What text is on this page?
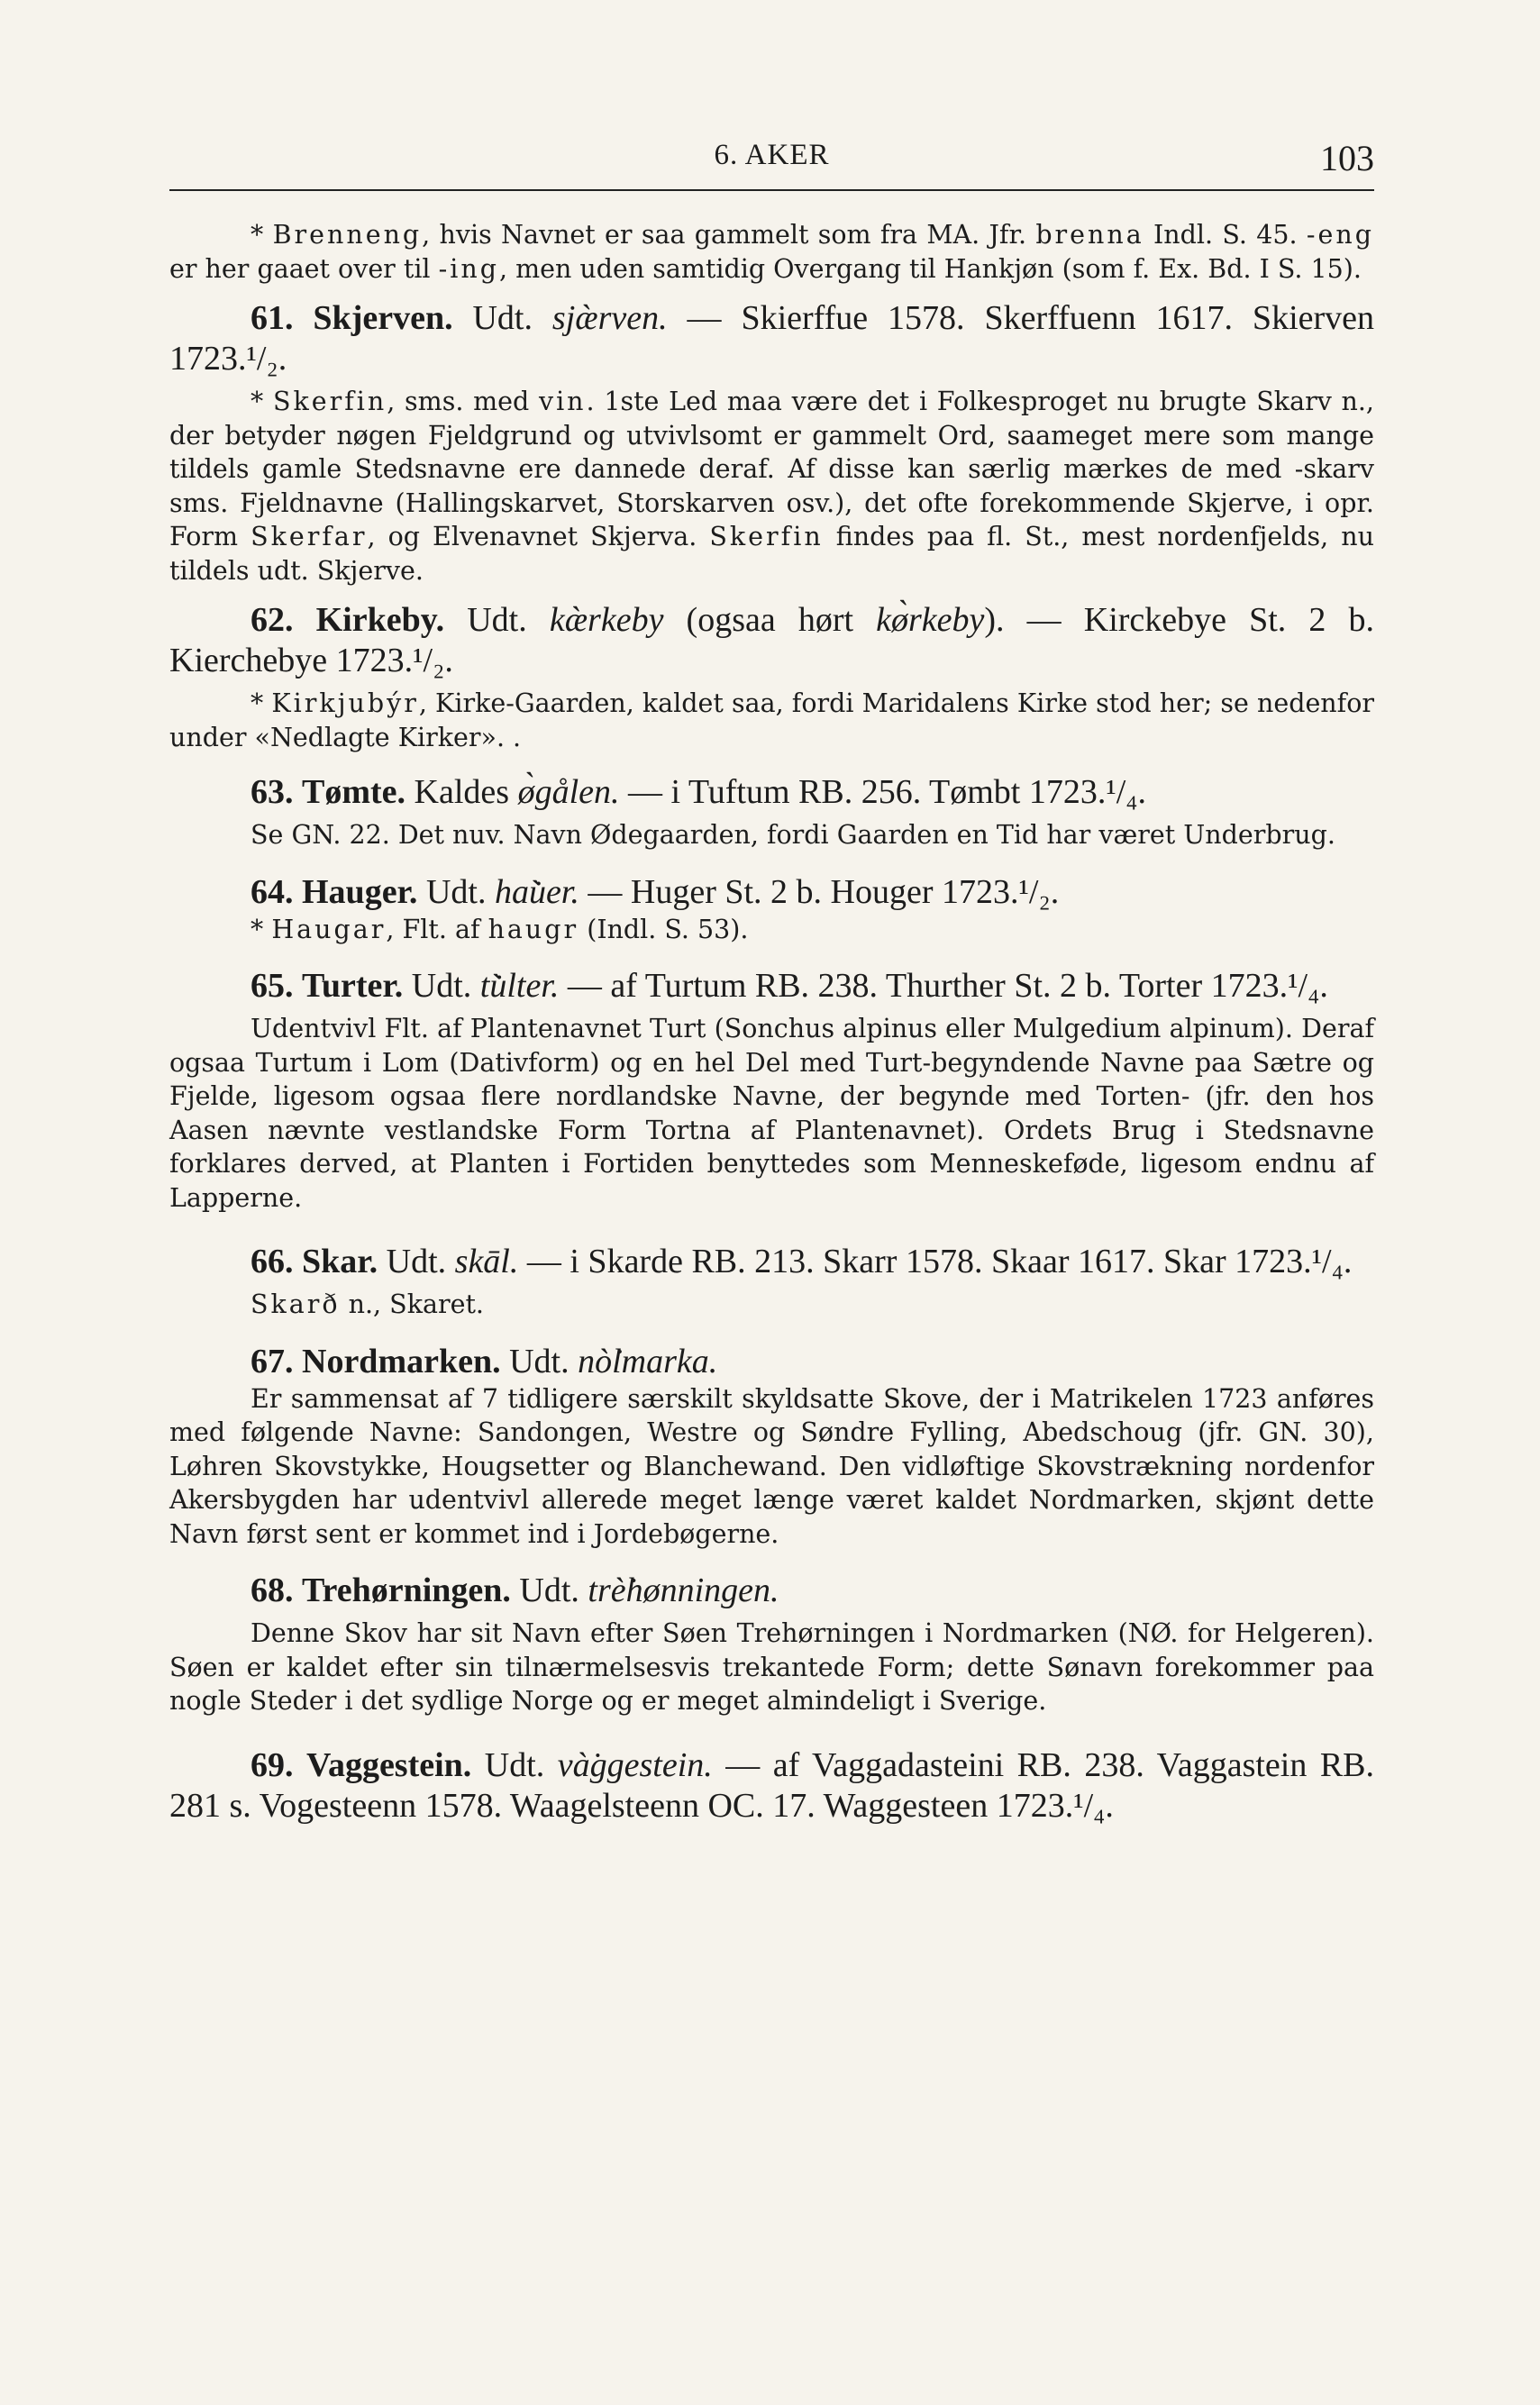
6. AKER	103

* Brenneng, hvis Navnet er saa gammelt som fra MA. Jfr. brenna Indl. S. 45. -eng er her gaaet over til -ing, men uden samtidig Overgang til Hankjøn (som f. Ex. Bd. I S. 15).

61. Skjerven. Udt. sjæ̀rven. — Skierffue 1578. Skerffuenn 1617. Skierven 1723.¹/₂.

* Skerfin, sms. med vin. 1ste Led maa være det i Folkesproget nu brugte Skarv n., der betyder nøgen Fjeldgrund og utvivlsomt er gammelt Ord, saameget mere som mange tildels gamle Stedsnavne ere dannede deraf. Af disse kan særlig mærkes de med -skarv sms. Fjeldnavne (Hallingskarvet, Storskarven osv.), det ofte forekommende Skjerve, i opr. Form Skerfar, og Elvenavnet Skjerva. Skerfin findes paa fl. St., mest nordenfjelds, nu tildels udt. Skjerve.

62. Kirkeby. Udt. kæ̀rkeby (ogsaa hørt kø̀rkeby). — Kirckebye St. 2 b. Kierchebye 1723.¹/₂.

* Kirkjubýr, Kirke-Gaarden, kaldet saa, fordi Maridalens Kirke stod her; se nedenfor under «Nedlagte Kirker». .

63. Tømte. Kaldes ø̀gålen. — i Tuftum RB. 256. Tømbt 1723.¹/₄.

Se GN. 22. Det nuv. Navn Ødegaarden, fordi Gaarden en Tid har været Underbrug.

64. Hauger. Udt. hau̇̀er. — Huger St. 2 b. Houger 1723.¹/₂.

* Haugar, Flt. af haugr (Indl. S. 53).

65. Turter. Udt. tu̇̀lter. — af Turtum RB. 238. Thurther St. 2 b. Torter 1723.¹/₄.

Udentvivl Flt. af Plantenavnet Turt (Sonchus alpinus eller Mulgedium alpinum). Deraf ogsaa Turtum i Lom (Dativform) og en hel Del med Turt-begyndende Navne paa Sætre og Fjelde, ligesom ogsaa flere nordlandske Navne, der begynde med Torten- (jfr. den hos Aasen nævnte vestlandske Form Tortna af Plantenavnet). Ordets Brug i Stedsnavne forklares derved, at Planten i Fortiden benyttedes som Menneskeføde, ligesom endnu af Lapperne.

66. Skar. Udt. skāl. — i Skarde RB. 213. Skarr 1578. Skaar 1617. Skar 1723.¹/₄.

Skarð n., Skaret.

67. Nordmarken. Udt. nò̇lmarka.

Er sammensat af 7 tidligere særskilt skyldsatte Skove, der i Matrikelen 1723 anføres med følgende Navne: Sandongen, Westre og Søndre Fylling, Abedschoug (jfr. GN. 30), Løhren Skovstykke, Hougsetter og Blanchewand. Den vidløftige Skovstrækning nordenfor Akersbygden har udentvivl allerede meget længe været kaldet Nordmarken, skjønt dette Navn først sent er kommet ind i Jordebøgerne.

68. Trehørningen. Udt. trè̇hønningen.

Denne Skov har sit Navn efter Søen Trehørningen i Nordmarken (NØ. for Helgeren). Søen er kaldet efter sin tilnærmelsesvis trekantede Form; dette Sønavn forekommer paa nogle Steder i det sydlige Norge og er meget almindeligt i Sverige.

69. Vaggestein. Udt. và̇ggestein. — af Vaggadasteini RB. 238. Vaggastein RB. 281 s. Vogesteenn 1578. Waagelsteenn OC. 17. Waggesteen 1723.¹/₄.
